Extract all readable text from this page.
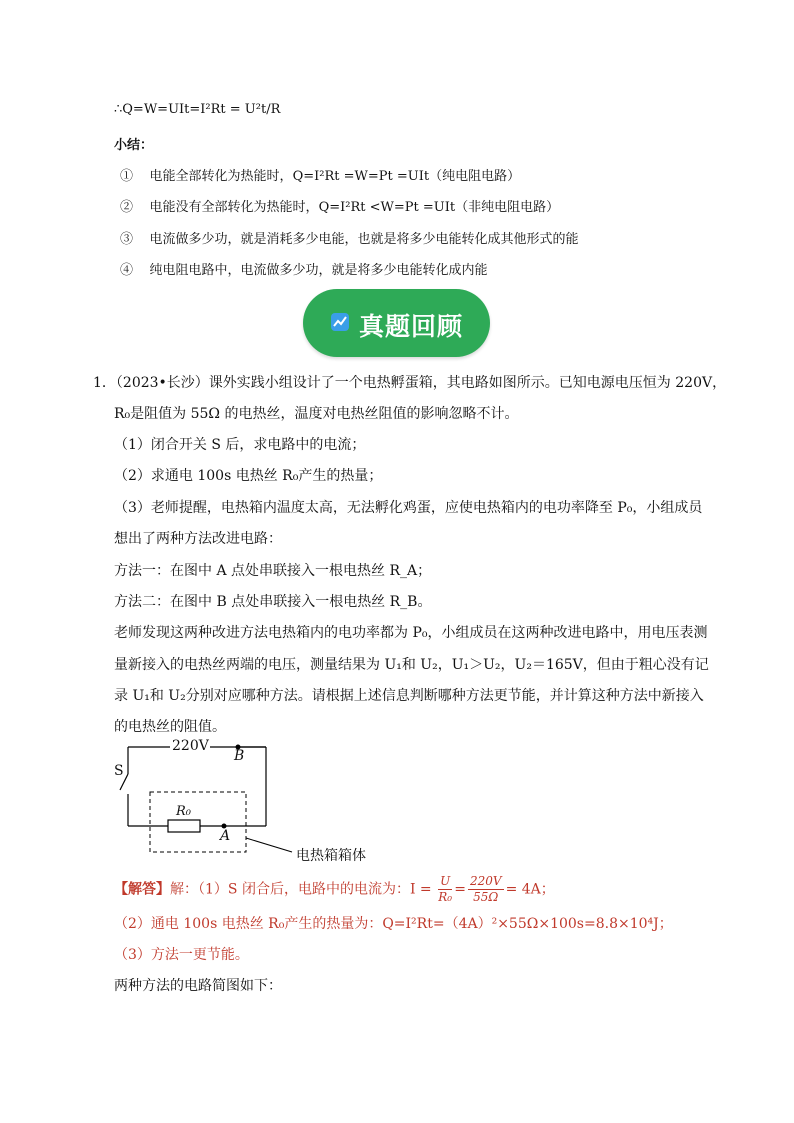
∴Q=W=UIt=I²Rt = U²t/R
小结：
① 电能全部转化为热能时，Q=I²Rt =W=Pt =UIt（纯电阻电路）
② 电能没有全部转化为热能时，Q=I²Rt <W=Pt =UIt（非纯电阻电路）
③ 电流做多少功，就是消耗多少电能，也就是将多少电能转化成其他形式的能
④ 纯电阻电路中，电流做多少功，就是将多少电能转化成内能
真题回顾
1．（2023•长沙）课外实践小组设计了一个电热孵蛋箱，其电路如图所示。已知电源电压恒为 220V，
R₀是阻值为 55Ω 的电热丝，温度对电热丝阻值的影响忽略不计。
（1）闭合开关 S 后，求电路中的电流；
（2）求通电 100s 电热丝 R₀产生的热量；
（3）老师提醒，电热箱内温度太高，无法孵化鸡蛋，应使电热箱内的电功率降至 P₀，小组成员
想出了两种方法改进电路：
方法一：在图中 A 点处串联接入一根电热丝 R_A；
方法二：在图中 B 点处串联接入一根电热丝 R_B。
老师发现这两种改进方法电热箱内的电功率都为 P₀，小组成员在这两种改进电路中，用电压表测
量新接入的电热丝两端的电压，测量结果为 U₁和 U₂，U₁＞U₂，U₂＝165V，但由于粗心没有记
录 U₁和 U₂分别对应哪种方法。请根据上述信息判断哪种方法更节能，并计算这种方法中新接入
的电热丝的阻值。
220V
B
S
R₀
A
电热箱箱体
【解答】解：（1）S 闭合后，电路中的电流为：$I = \frac{U}{\text{R₀}} = \frac{220V}{55\Omega} = 4A$；
（2）通电 100s 电热丝 R₀产生的热量为：Q=I²Rt=（4A）²×55Ω×100s=8.8×10⁴J；
（3）方法一更节能。
两种方法的电路简图如下：
